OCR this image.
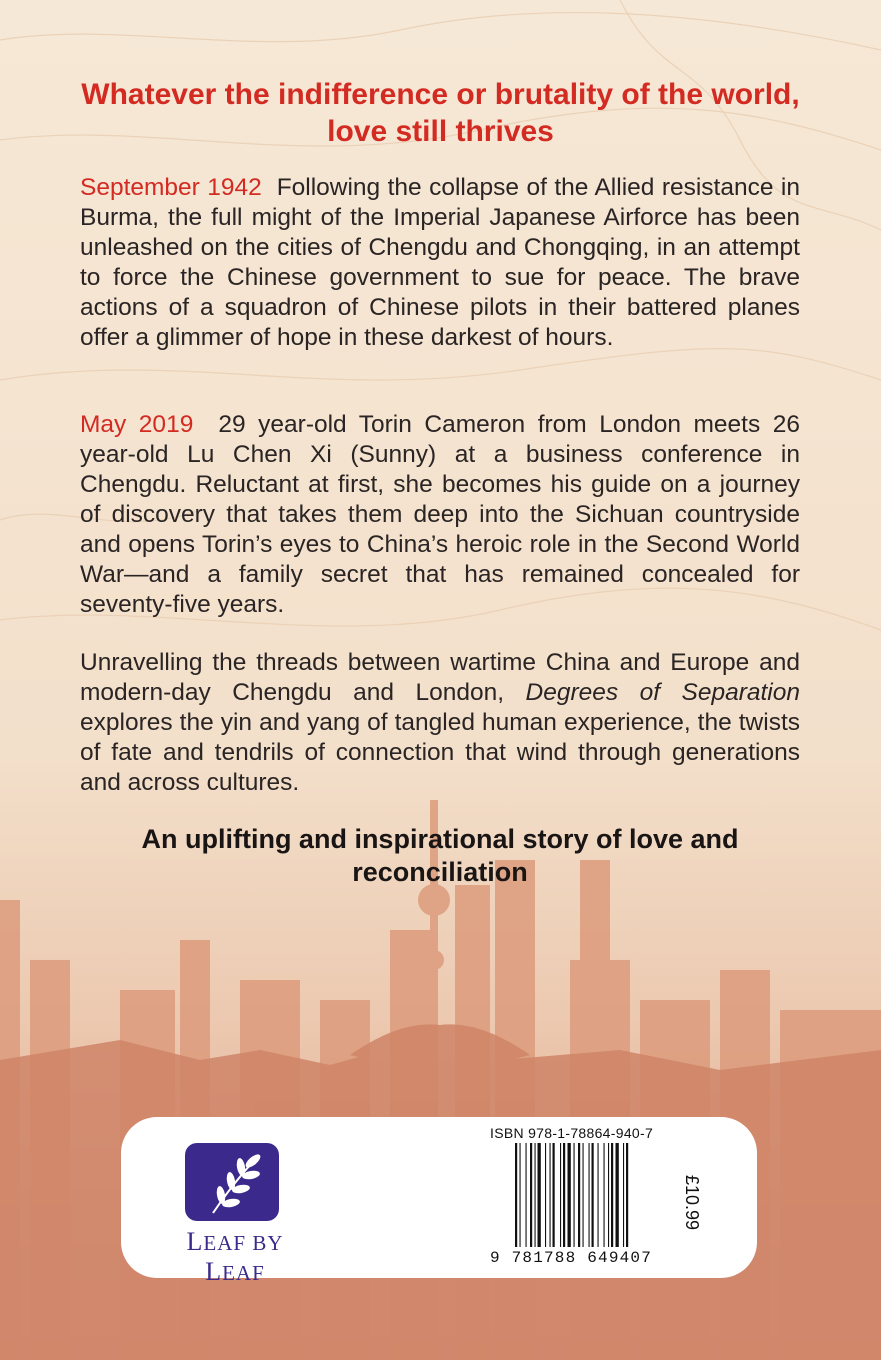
Whatever the indifference or brutality of the world, love still thrives
September 1942 Following the collapse of the Allied resistance in Burma, the full might of the Imperial Japanese Airforce has been unleashed on the cities of Chengdu and Chongqing, in an attempt to force the Chinese government to sue for peace. The brave actions of a squadron of Chinese pilots in their battered planes offer a glimmer of hope in these darkest of hours.
May 2019 29 year-old Torin Cameron from London meets 26 year-old Lu Chen Xi (Sunny) at a business conference in Chengdu. Reluctant at first, she becomes his guide on a journey of discovery that takes them deep into the Sichuan countryside and opens Torin’s eyes to China’s heroic role in the Second World War—and a family secret that has remained concealed for seventy-five years.
Unravelling the threads between wartime China and Europe and modern-day Chengdu and London, Degrees of Separation explores the yin and yang of tangled human experience, the twists of fate and tendrils of connection that wind through generations and across cultures.
An uplifting and inspirational story of love and reconciliation
LEAF BY LEAF
ISBN 978-1-78864-940-7
9 781788 649407
£10.99
